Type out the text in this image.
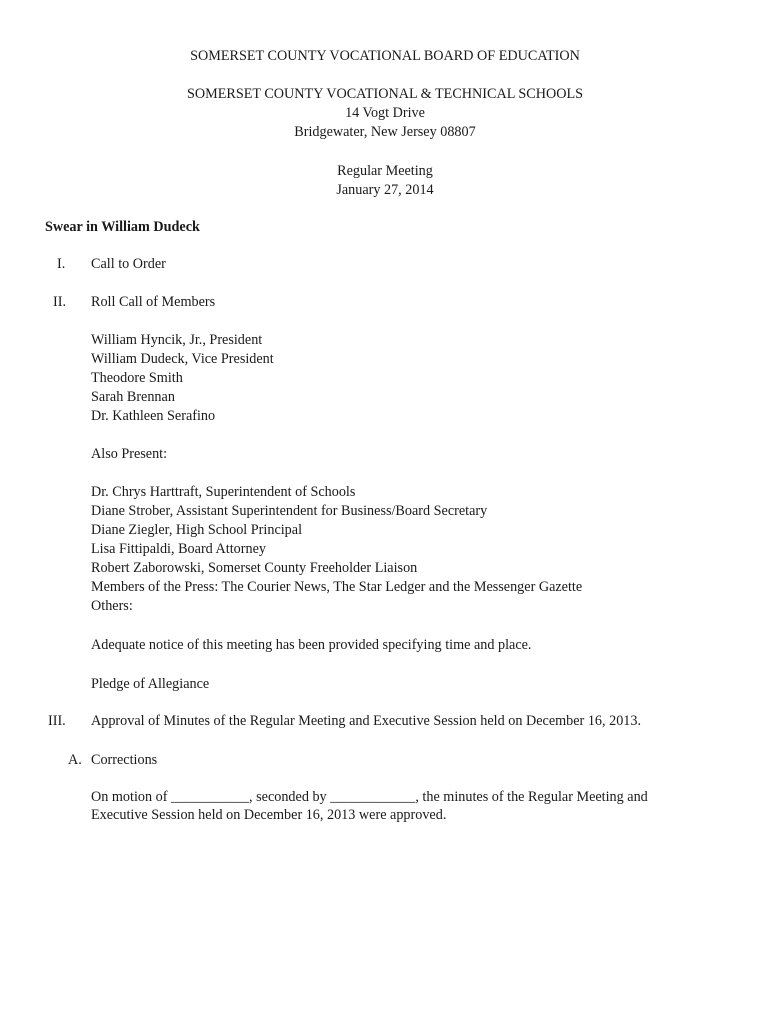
SOMERSET COUNTY VOCATIONAL BOARD OF EDUCATION
SOMERSET COUNTY VOCATIONAL & TECHNICAL SCHOOLS
14 Vogt Drive
Bridgewater, New Jersey 08807
Regular Meeting
January 27, 2014
Swear in William Dudeck
I. Call to Order
II. Roll Call of Members
William Hyncik, Jr., President
William Dudeck, Vice President
Theodore Smith
Sarah Brennan
Dr. Kathleen Serafino
Also Present:
Dr. Chrys Harttraft, Superintendent of Schools
Diane Strober, Assistant Superintendent for Business/Board Secretary
Diane Ziegler, High School Principal
Lisa Fittipaldi, Board Attorney
Robert Zaborowski, Somerset County Freeholder Liaison
Members of the Press: The Courier News, The Star Ledger and the Messenger Gazette
Others:
Adequate notice of this meeting has been provided specifying time and place.
Pledge of Allegiance
III. Approval of Minutes of the Regular Meeting and Executive Session held on December 16, 2013.
A. Corrections
On motion of ___________, seconded by ____________, the minutes of the Regular Meeting and
Executive Session held on December 16, 2013 were approved.
